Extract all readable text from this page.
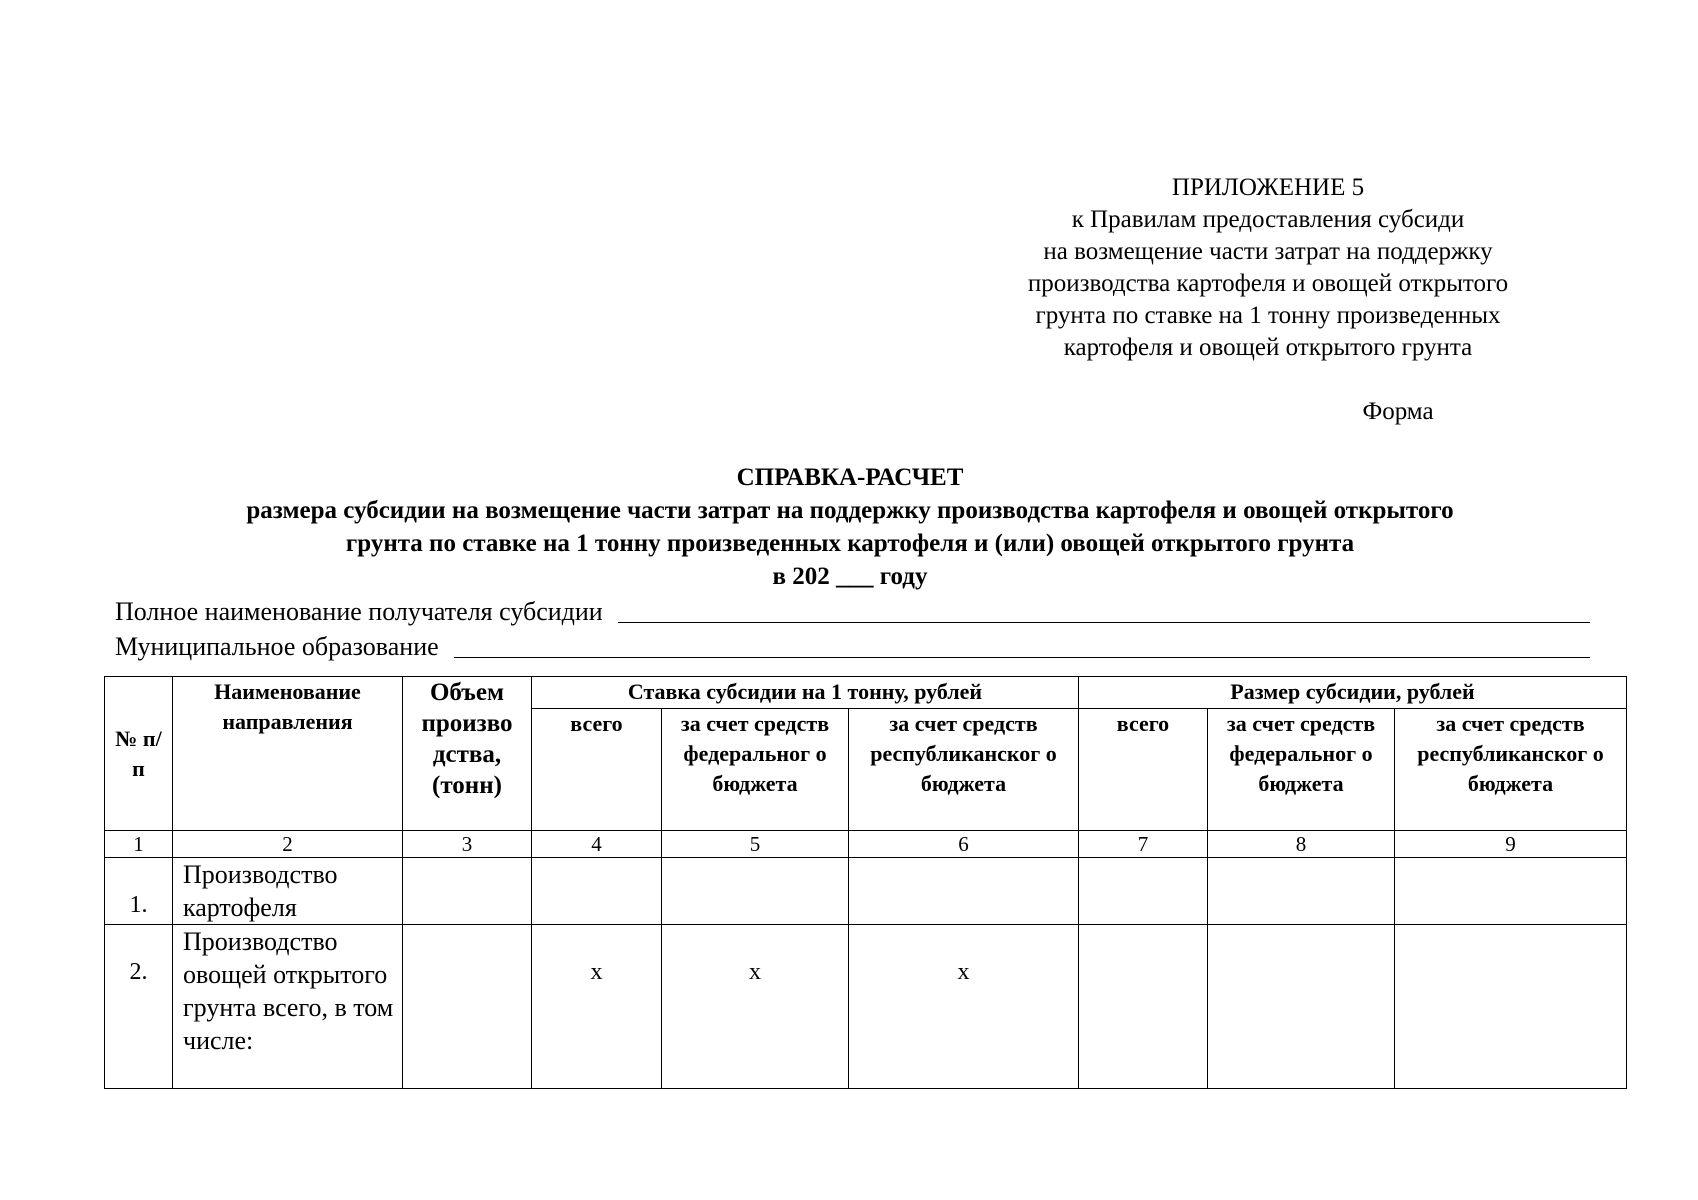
ПРИЛОЖЕНИЕ 5
к Правилам предоставления субсиди
на возмещение части затрат на поддержку
производства картофеля и овощей открытого
грунта по ставке на 1 тонну произведенных
картофеля и овощей открытого грунта
Форма
СПРАВКА-РАСЧЕТ
размера субсидии на возмещение части затрат на поддержку производства картофеля и овощей открытого
грунта по ставке на 1 тонну произведенных картофеля и (или) овощей открытого грунта
в 202 ___ году
Полное наименование получателя субсидии
Муниципальное образование
№ п/п	Наименование направления	Объем произво дства, (тонн)	Ставка субсидии на 1 тонну, рублей			Размер субсидии, рублей		
			всего	за счет средств федеральног о бюджета	за счет средств республиканског о бюджета	всего	за счет средств федеральног о бюджета	за счет средств республиканског о бюджета
1	2	3	4	5	6	7	8	9
1.	Производство картофеля							
2.	Производство овощей открытого грунта всего, в том числе:		х	х	х			
